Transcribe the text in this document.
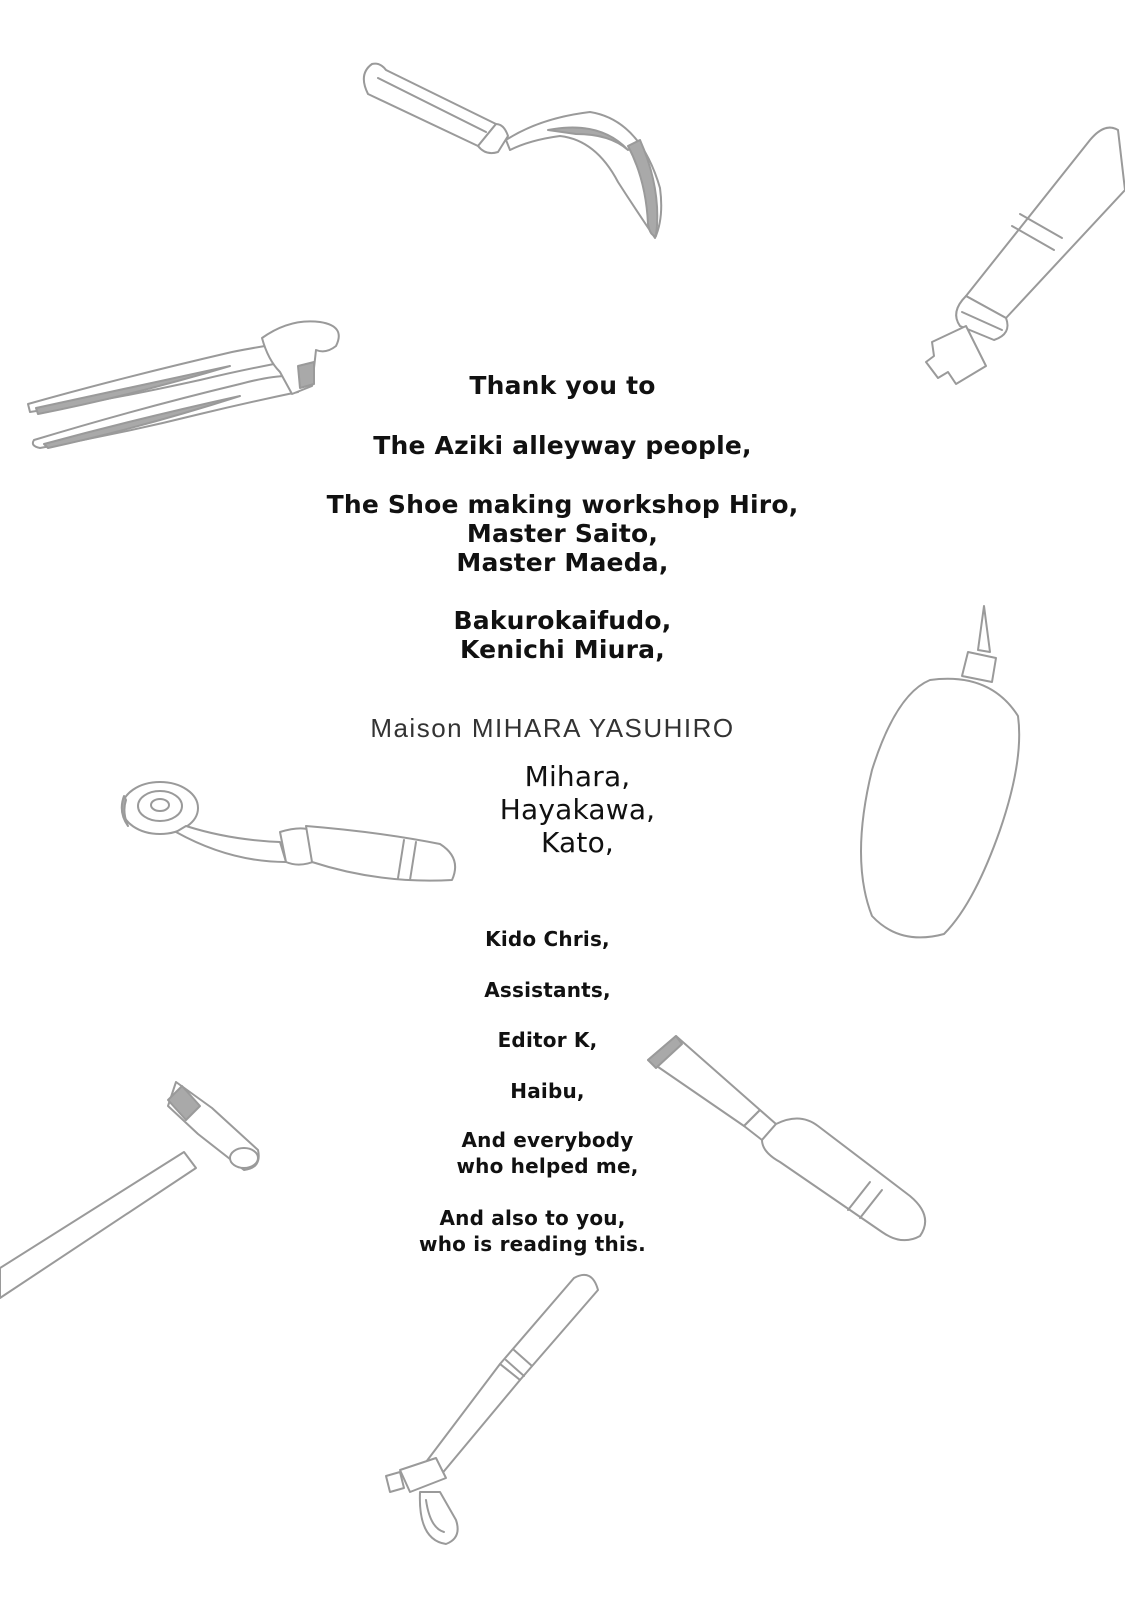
Thank you to
The Aziki alleyway people,
The Shoe making workshop Hiro,
Master Saito,
Master Maeda,
Bakurokaifudo,
Kenichi Miura,
Maison MIHARA YASUHIRO
Mihara,
Hayakawa,
Kato,
Kido Chris,
Assistants,
Editor K,
Haibu,
And everybody
who helped me,
And also to you,
who is reading this.
